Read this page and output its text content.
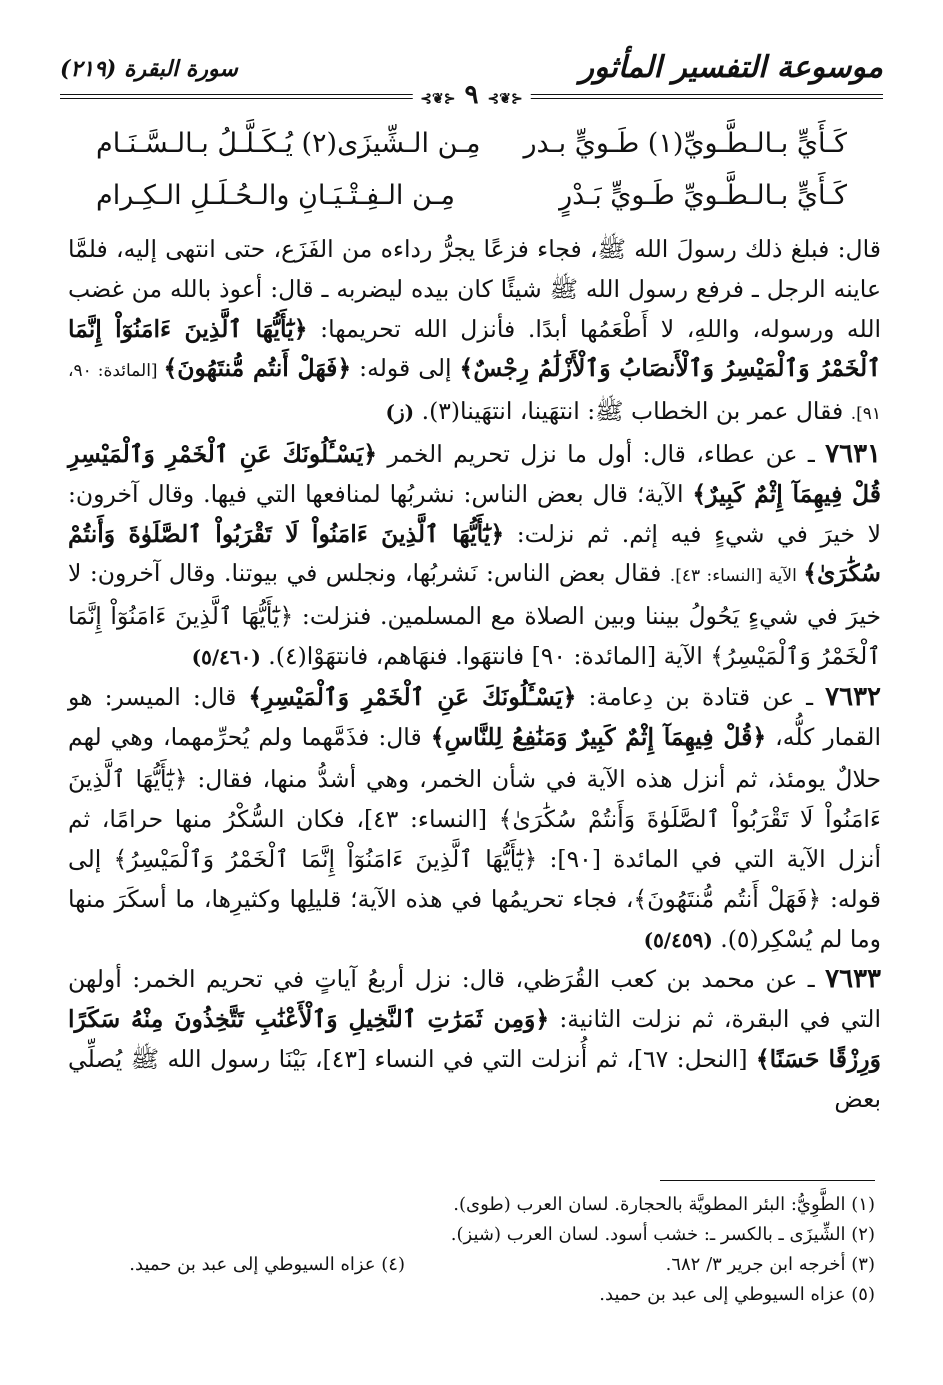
موسوعة التفسير المأثور
سورة البقرة (٢١٩)
⊰❦⊱ ٩ ⊰❦⊱
كَـأَيٍّ بـالـطَّـويِّ(١) طَـويٍّ بـدر
مِـن الـشِّيزَى(٢) يُـكَـلَّـلُ بـالـسَّـنَـام
كَـأَيٍّ بـالـطَّـويِّ طَـويٍّ بَـدْرٍ
مِـن الـفِـتْـيَـانِ والـحُـلَـلِ الـكِـرام

قال: فبلغ ذلك رسولَ الله ﷺ، فجاء فزعًا يجرُّ رداءه من الفَزَع، حتى انتهى إليه، فلمَّا عاينه الرجل ـ فرفع رسول الله ﷺ شيئًا كان بيده ليضربه ـ قال: أعوذ بالله من غضب الله ورسوله، واللهِ، لا أَطْعَمُها أبدًا. فأنزل الله تحريمها: ﴿يَٰٓأَيُّهَا ٱلَّذِينَ ءَامَنُوٓاْ إِنَّمَا ٱلْخَمْرُ وَٱلْمَيْسِرُ وَٱلْأَنصَابُ وَٱلْأَزْلَٰمُ رِجْسٌ﴾ إلى قوله: ﴿فَهَلْ أَنتُم مُّنتَهُونَ﴾ [المائدة: ٩٠، ٩١]. فقال عمر بن الخطاب ﷺ: انتهَينا، انتهَينا(٣). (ز)

٧٦٣١ ـ عن عطاء، قال: أول ما نزل تحريم الخمر ﴿يَسْـَٔلُونَكَ عَنِ ٱلْخَمْرِ وَٱلْمَيْسِرِ قُلْ فِيهِمَآ إِثْمٌ كَبِيرٌ﴾ الآية؛ قال بعض الناس: نشربُها لمنافعها التي فيها. وقال آخرون: لا خيرَ في شيءٍ فيه إثم. ثم نزلت: ﴿يَٰٓأَيُّهَا ٱلَّذِينَ ءَامَنُواْ لَا تَقْرَبُواْ ٱلصَّلَوٰةَ وَأَنتُمْ سُكَٰرَىٰ﴾ الآية [النساء: ٤٣]. فقال بعض الناس: نَشربُها، ونجلس في بيوتنا. وقال آخرون: لا خيرَ في شيءٍ يَحُولُ بيننا وبين الصلاة مع المسلمين. فنزلت: ﴿يَٰٓأَيُّهَا ٱلَّذِينَ ءَامَنُوٓاْ إِنَّمَا ٱلْخَمْرُ وَٱلْمَيْسِرُ﴾ الآية [المائدة: ٩٠] فانتهَوا. فنهَاهم، فانتهَوْا(٤). (٥/٤٦٠)

٧٦٣٢ ـ عن قتادة بن دِعامة: ﴿يَسْـَٔلُونَكَ عَنِ ٱلْخَمْرِ وَٱلْمَيْسِرِ﴾ قال: الميسر: هو القمار كلُّه، ﴿قُلْ فِيهِمَآ إِثْمٌ كَبِيرٌ وَمَنَٰفِعُ لِلنَّاسِ﴾ قال: فذَمَّهما ولم يُحرِّمهما، وهي لهم حلالٌ يومئذ، ثم أنزل هذه الآية في شأن الخمر، وهي أشدُّ منها، فقال: ﴿يَٰٓأَيُّهَا ٱلَّذِينَ ءَامَنُواْ لَا تَقْرَبُواْ ٱلصَّلَوٰةَ وَأَنتُمْ سُكَٰرَىٰ﴾ [النساء: ٤٣]، فكان السُّكْرُ منها حرامًا، ثم أنزل الآية التي في المائدة [٩٠]: ﴿يَٰٓأَيُّهَا ٱلَّذِينَ ءَامَنُوٓاْ إِنَّمَا ٱلْخَمْرُ وَٱلْمَيْسِرُ﴾ إلى قوله: ﴿فَهَلْ أَنتُم مُّنتَهُونَ﴾، فجاء تحريمُها في هذه الآية؛ قليلِها وكثيرِها، ما أسكَرَ منها وما لم يُسْكِر(٥). (٥/٤٥٩)

٧٦٣٣ ـ عن محمد بن كعب القُرَظي، قال: نزل أربعُ آياتٍ في تحريم الخمر: أولهن التي في البقرة، ثم نزلت الثانية: ﴿وَمِن ثَمَرَٰتِ ٱلنَّخِيلِ وَٱلْأَعْنَٰبِ تَتَّخِذُونَ مِنْهُ سَكَرًا وَرِزْقًا حَسَنًا﴾ [النحل: ٦٧]، ثم أُنزلت التي في النساء [٤٣]، بَيْنَا رسول الله ﷺ يُصلِّي بعض

(١) الطَّوِيُّ: البئر المطويَّة بالحجارة. لسان العرب (طوى).
(٢) الشِّيزَى ـ بالكسر ـ: خشب أسود. لسان العرب (شيز).
(٣) أخرجه ابن جرير ٣/ ٦٨٢.
(٤) عزاه السيوطي إلى عبد بن حميد.
(٥) عزاه السيوطي إلى عبد بن حميد.
